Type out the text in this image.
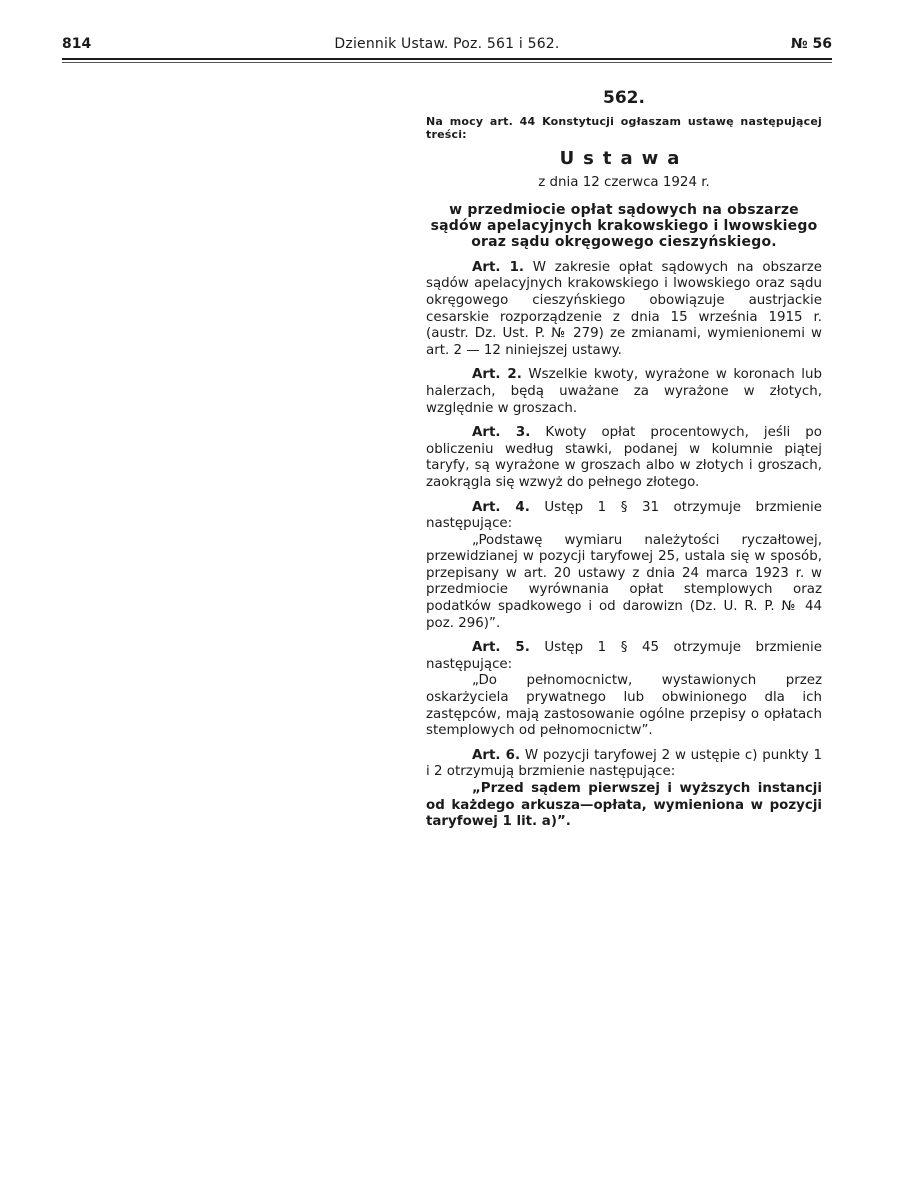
814	Dziennik Ustaw. Poz. 561 i 562.	№ 56
562.
Na mocy art. 44 Konstytucji ogłaszam ustawę następującej treści:
Ustawa
z dnia 12 czerwca 1924 r.
w przedmiocie opłat sądowych na obszarze sądów apelacyjnych krakowskiego i lwowskiego oraz sądu okręgowego cieszyńskiego.

Art. 1. W zakresie opłat sądowych na obszarze sądów apelacyjnych krakowskiego i lwowskiego oraz sądu okręgowego cieszyńskiego obowiązuje austrjackie cesarskie rozporządzenie z dnia 15 września 1915 r. (austr. Dz. Ust. P. № 279) ze zmianami, wymienionemi w art. 2 — 12 niniejszej ustawy.

Art. 2. Wszelkie kwoty, wyrażone w koronach lub halerzach, będą uważane za wyrażone w złotych, względnie w groszach.

Art. 3. Kwoty opłat procentowych, jeśli po obliczeniu według stawki, podanej w kolumnie piątej taryfy, są wyrażone w groszach albo w złotych i groszach, zaokrągla się wzwyż do pełnego złotego.

Art. 4. Ustęp 1 § 31 otrzymuje brzmienie następujące:

„Podstawę wymiaru należytości ryczałtowej, przewidzianej w pozycji taryfowej 25, ustala się w sposób, przepisany w art. 20 ustawy z dnia 24 marca 1923 r. w przedmiocie wyrównania opłat stemplowych oraz podatków spadkowego i od darowizn (Dz. U. R. P. № 44 poz. 296)”.

Art. 5. Ustęp 1 § 45 otrzymuje brzmienie następujące:

„Do pełnomocnictw, wystawionych przez oskarżyciela prywatnego lub obwinionego dla ich zastępców, mają zastosowanie ogólne przepisy o opłatach stemplowych od pełnomocnictw”.

Art. 6. W pozycji taryfowej 2 w ustępie c) punkty 1 i 2 otrzymują brzmienie następujące:

„Przed sądem pierwszej i wyższych instancji od każdego arkusza—opłata, wymieniona w pozycji taryfowej 1 lit. a)”.
